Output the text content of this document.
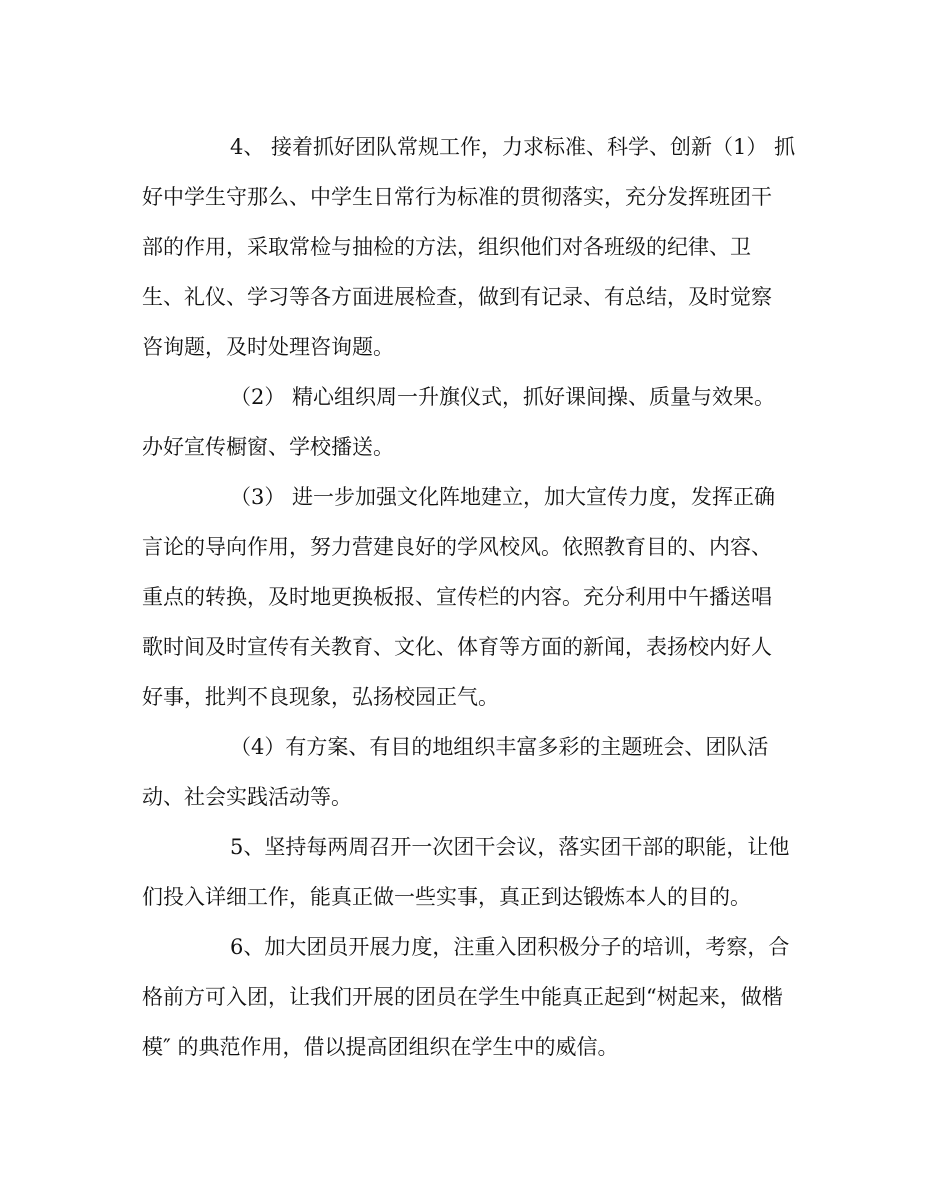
4、 接着抓好团队常规工作，力求标准、科学、创新（1） 抓
好中学生守那么、中学生日常行为标准的贯彻落实，充分发挥班团干
部的作用，采取常检与抽检的方法，组织他们对各班级的纪律、卫
生、礼仪、学习等各方面进展检查，做到有记录、有总结，及时觉察
咨询题，及时处理咨询题。
（2） 精心组织周一升旗仪式，抓好课间操、质量与效果。
办好宣传橱窗、学校播送。
（3） 进一步加强文化阵地建立，加大宣传力度，发挥正确
言论的导向作用，努力营建良好的学风校风。依照教育目的、内容、
重点的转换，及时地更换板报、宣传栏的内容。充分利用中午播送唱
歌时间及时宣传有关教育、文化、体育等方面的新闻，表扬校内好人
好事，批判不良现象，弘扬校园正气。
（4）有方案、有目的地组织丰富多彩的主题班会、团队活
动、社会实践活动等。
5、坚持每两周召开一次团干会议，落实团干部的职能，让他
们投入详细工作，能真正做一些实事，真正到达锻炼本人的目的。
6、加大团员开展力度，注重入团积极分子的培训，考察，合
格前方可入团，让我们开展的团员在学生中能真正起到“树起来，做楷
模″ 的典范作用，借以提高团组织在学生中的威信。
